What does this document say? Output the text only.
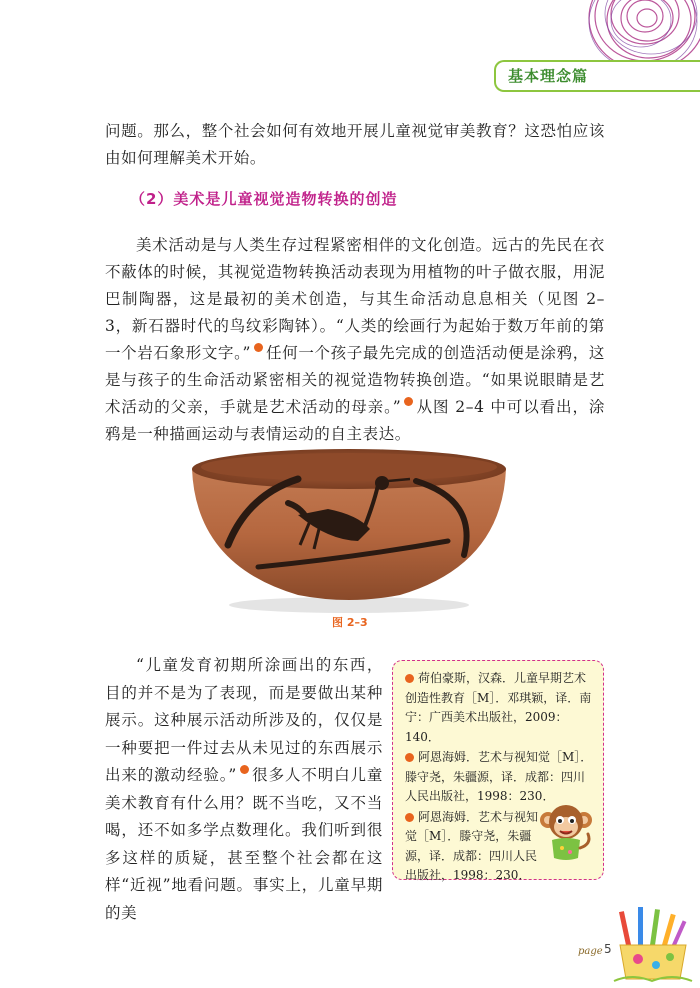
基本理念篇
问题。那么，整个社会如何有效地开展儿童视觉审美教育？这恐怕应该由如何理解美术开始。
（2）美术是儿童视觉造物转换的创造
美术活动是与人类生存过程紧密相伴的文化创造。远古的先民在衣不蔽体的时候，其视觉造物转换活动表现为用植物的叶子做衣服，用泥巴制陶器，这是最初的美术创造，与其生命活动息息相关（见图 2–3，新石器时代的鸟纹彩陶钵）。“人类的绘画行为起始于数万年前的第一个岩石象形文字。” 任何一个孩子最先完成的创造活动便是涂鸦，这是与孩子的生命活动紧密相关的视觉造物转换创造。“如果说眼睛是艺术活动的父亲，手就是艺术活动的母亲。” 从图 2–4 中可以看出，涂鸦是一种描画运动与表情运动的自主表达。
图 2–3
“儿童发育初期所涂画出的东西，目的并不是为了表现，而是要做出某种展示。这种展示活动所涉及的，仅仅是一种要把一件过去从未见过的东西展示出来的激动经验。” 很多人不明白儿童美术教育有什么用？既不当吃，又不当喝，还不如多学点数理化。我们听到很多这样的质疑，甚至整个社会都在这样“近视”地看问题。事实上，儿童早期的美
荷伯豪斯，汉森．儿童早期艺术创造性教育［M］．邓琪颖，译．南宁：广西美术出版社，2009：140．
阿恩海姆．艺术与视知觉［M］．滕守尧，朱疆源，译．成都：四川人民出版社，1998：230．
阿恩海姆．艺术与视知觉［M］．滕守尧，朱疆源，译．成都：四川人民出版社，1998：230．
page 5
